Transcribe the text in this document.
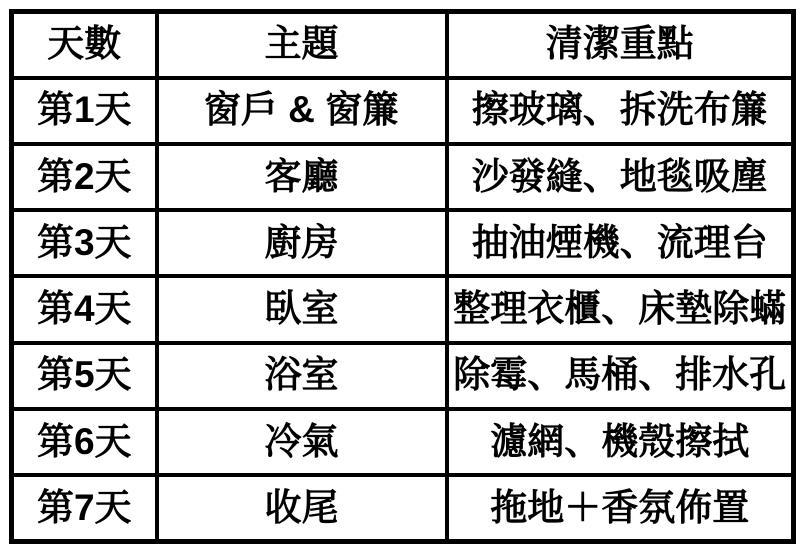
天數	主題	清潔重點
第1天	窗戶 & 窗簾	擦玻璃、拆洗布簾
第2天	客廳	沙發縫、地毯吸塵
第3天	廚房	抽油煙機、流理台
第4天	臥室	整理衣櫃、床墊除蟎
第5天	浴室	除霉、馬桶、排水孔
第6天	冷氣	濾網、機殼擦拭
第7天	收尾	拖地＋香氛佈置
